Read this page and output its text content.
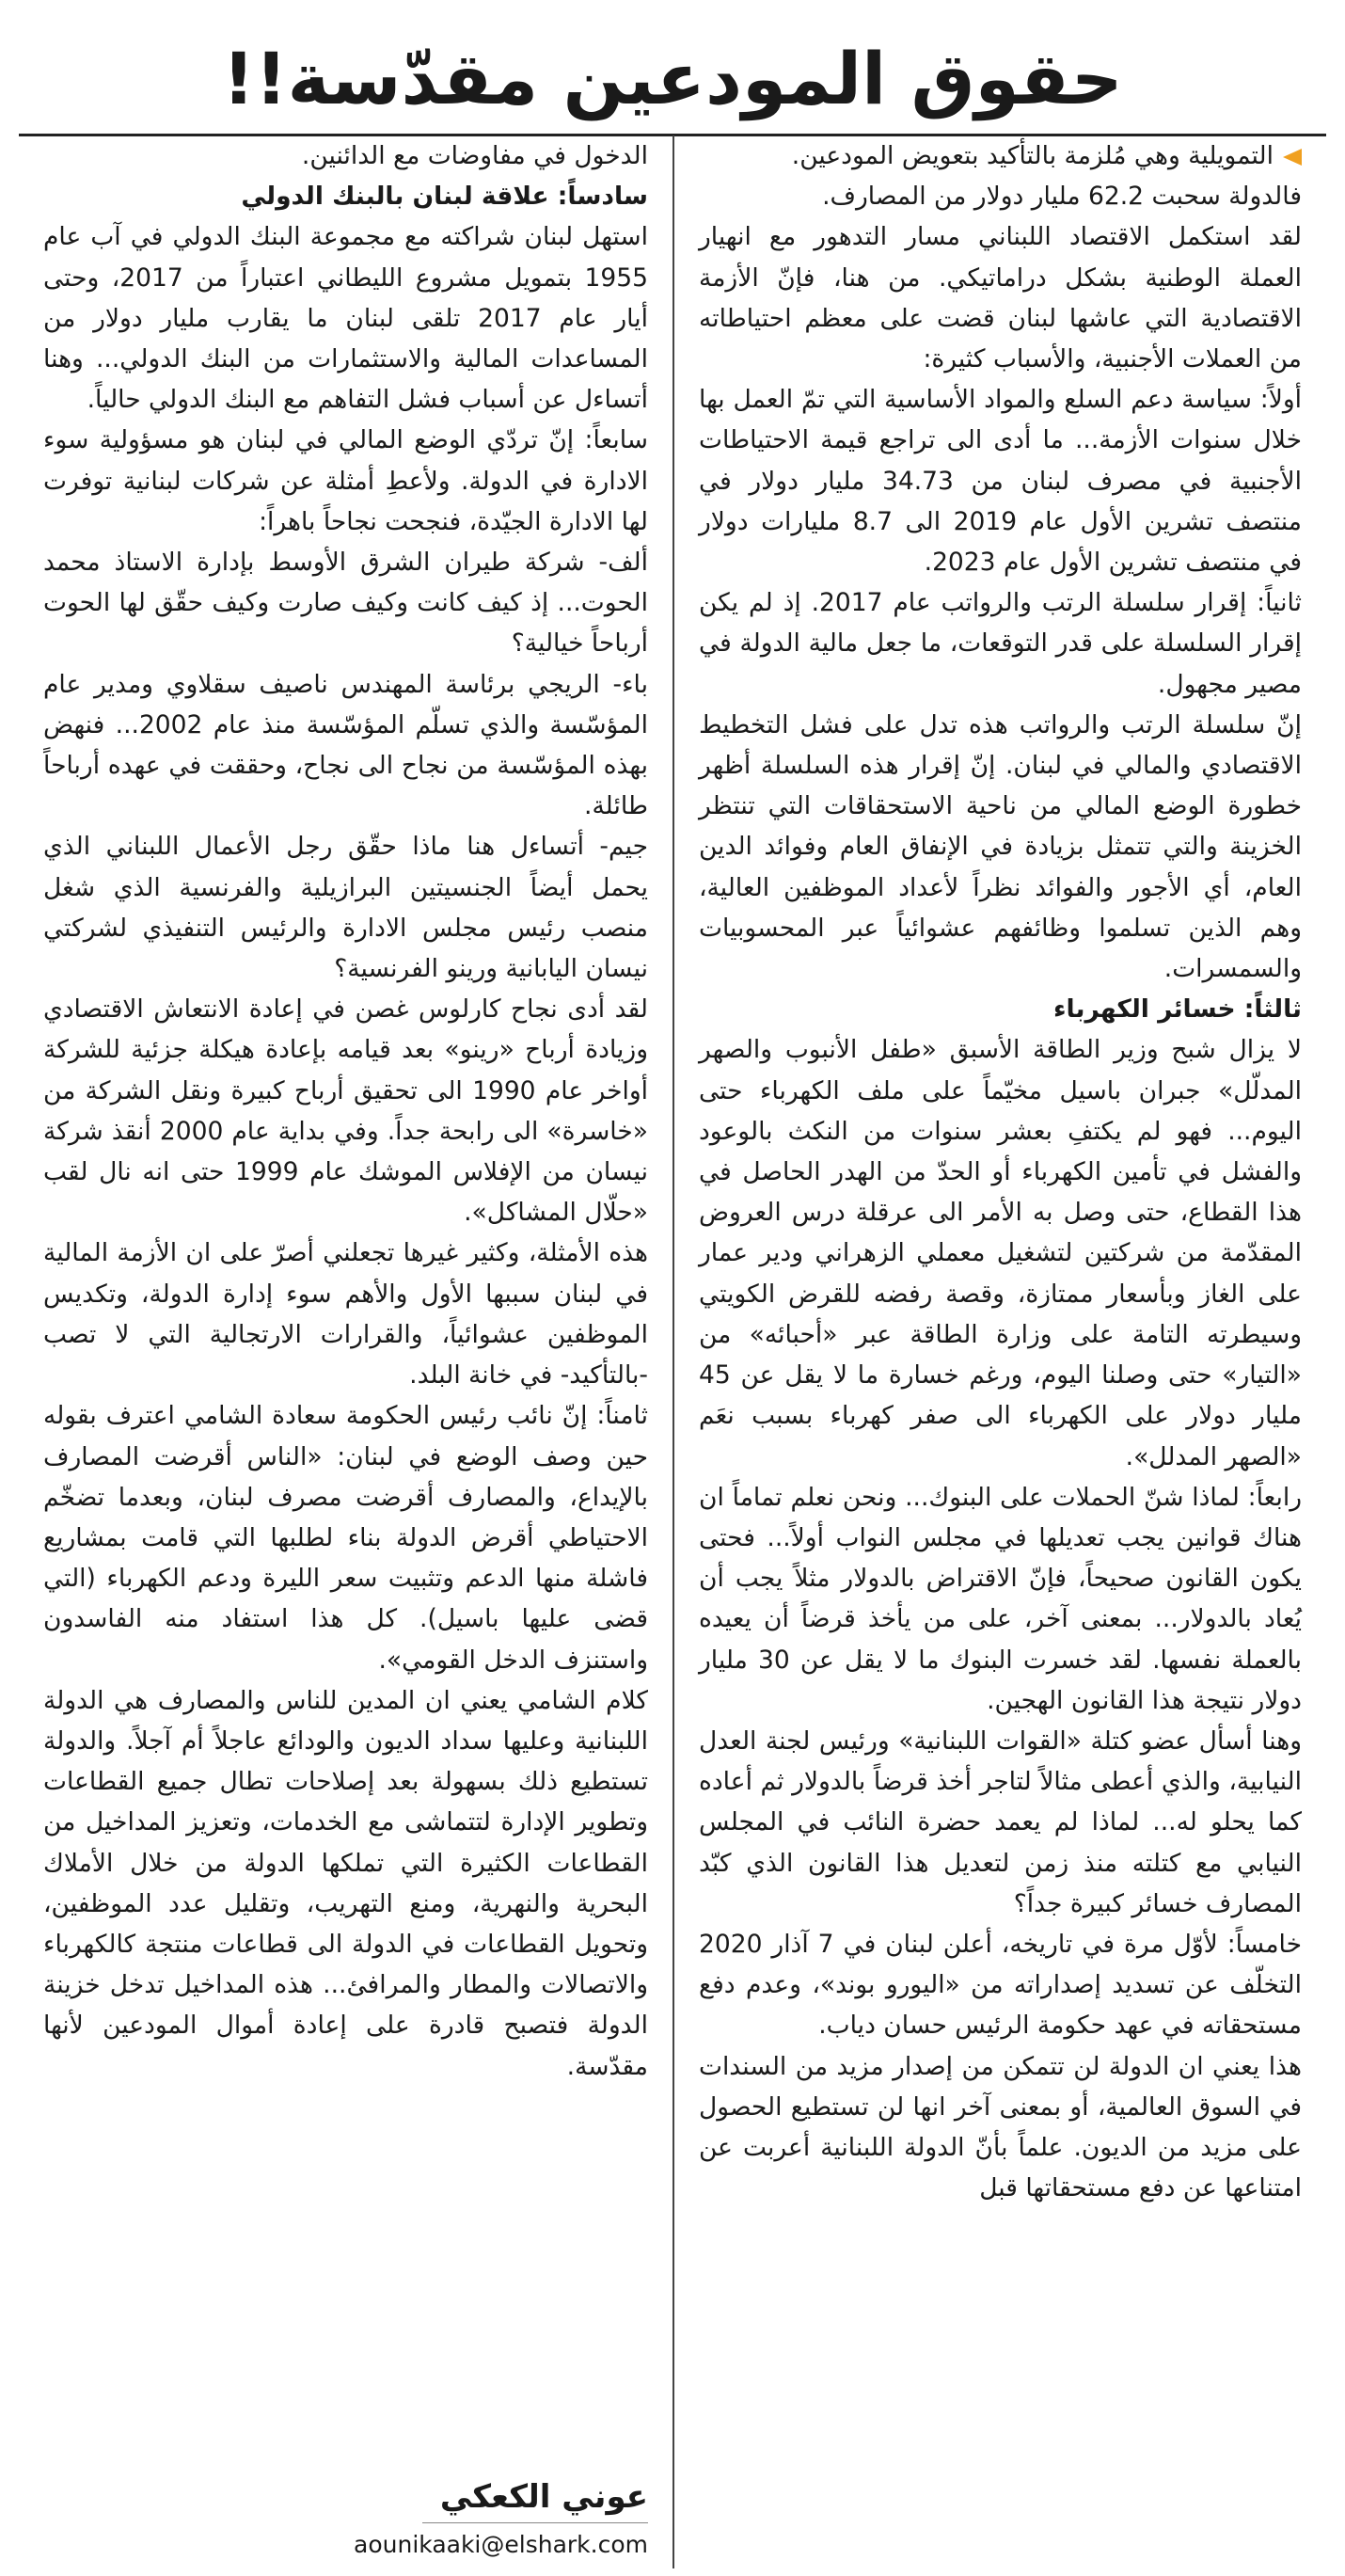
حقوق المودعين مقدّسة!!

التمويلية وهي مُلزمة بالتأكيد بتعويض المودعين.

فالدولة سحبت 62.2 مليار دولار من المصارف.

لقد استكمل الاقتصاد اللبناني مسار التدهور مع انهيار العملة الوطنية بشكل دراماتيكي. من هنا، فإنّ الأزمة الاقتصادية التي عاشها لبنان قضت على معظم احتياطاته من العملات الأجنبية، والأسباب كثيرة:

أولاً: سياسة دعم السلع والمواد الأساسية التي تمّ العمل بها خلال سنوات الأزمة... ما أدى الى تراجع قيمة الاحتياطات الأجنبية في مصرف لبنان من 34.73 مليار دولار في منتصف تشرين الأول عام 2019 الى 8.7 مليارات دولار في منتصف تشرين الأول عام 2023.

ثانياً: إقرار سلسلة الرتب والرواتب عام 2017. إذ لم يكن إقرار السلسلة على قدر التوقعات، ما جعل مالية الدولة في مصير مجهول.

إنّ سلسلة الرتب والرواتب هذه تدل على فشل التخطيط الاقتصادي والمالي في لبنان. إنّ إقرار هذه السلسلة أظهر خطورة الوضع المالي من ناحية الاستحقاقات التي تنتظر الخزينة والتي تتمثل بزيادة في الإنفاق العام وفوائد الدين العام، أي الأجور والفوائد نظراً لأعداد الموظفين العالية، وهم الذين تسلموا وظائفهم عشوائياً عبر المحسوبيات والسمسرات.

ثالثاً: خسائر الكهرباء

لا يزال شبح وزير الطاقة الأسبق «طفل الأنبوب والصهر المدلّل» جبران باسيل مخيّماً على ملف الكهرباء حتى اليوم... فهو لم يكتفِ بعشر سنوات من النكث بالوعود والفشل في تأمين الكهرباء أو الحدّ من الهدر الحاصل في هذا القطاع، حتى وصل به الأمر الى عرقلة درس العروض المقدّمة من شركتين لتشغيل معملي الزهراني ودير عمار على الغاز وبأسعار ممتازة، وقصة رفضه للقرض الكويتي وسيطرته التامة على وزارة الطاقة عبر «أحبائه» من «التيار» حتى وصلنا اليوم، ورغم خسارة ما لا يقل عن 45 مليار دولار على الكهرباء الى صفر كهرباء بسبب نعَم «الصهر المدلل».

رابعاً: لماذا شنّ الحملات على البنوك... ونحن نعلم تماماً ان هناك قوانين يجب تعديلها في مجلس النواب أولاً... فحتى يكون القانون صحيحاً، فإنّ الاقتراض بالدولار مثلاً يجب أن يُعاد بالدولار... بمعنى آخر، على من يأخذ قرضاً أن يعيده بالعملة نفسها. لقد خسرت البنوك ما لا يقل عن 30 مليار دولار نتيجة هذا القانون الهجين.

وهنا أسأل عضو كتلة «القوات اللبنانية» ورئيس لجنة العدل النيابية، والذي أعطى مثالاً لتاجر أخذ قرضاً بالدولار ثم أعاده كما يحلو له... لماذا لم يعمد حضرة النائب في المجلس النيابي مع كتلته منذ زمن لتعديل هذا القانون الذي كبّد المصارف خسائر كبيرة جداً؟

خامساً: لأوّل مرة في تاريخه، أعلن لبنان في 7 آذار 2020 التخلّف عن تسديد إصداراته من «اليورو بوند»، وعدم دفع مستحقاته في عهد حكومة الرئيس حسان دياب.

هذا يعني ان الدولة لن تتمكن من إصدار مزيد من السندات في السوق العالمية، أو بمعنى آخر انها لن تستطيع الحصول على مزيد من الديون. علماً بأنّ الدولة اللبنانية أعربت عن امتناعها عن دفع مستحقاتها قبل

الدخول في مفاوضات مع الدائنين.

سادساً: علاقة لبنان بالبنك الدولي

استهل لبنان شراكته مع مجموعة البنك الدولي في آب عام 1955 بتمويل مشروع الليطاني اعتباراً من 2017، وحتى أيار عام 2017 تلقى لبنان ما يقارب مليار دولار من المساعدات المالية والاستثمارات من البنك الدولي... وهنا أتساءل عن أسباب فشل التفاهم مع البنك الدولي حالياً.

سابعاً: إنّ تردّي الوضع المالي في لبنان هو مسؤولية سوء الادارة في الدولة. ولأعطِ أمثلة عن شركات لبنانية توفرت لها الادارة الجيّدة، فنجحت نجاحاً باهراً:

ألف- شركة طيران الشرق الأوسط بإدارة الاستاذ محمد الحوت... إذ كيف كانت وكيف صارت وكيف حقّق لها الحوت أرباحاً خيالية؟

باء- الريجي برئاسة المهندس ناصيف سقلاوي ومدير عام المؤسّسة والذي تسلّم المؤسّسة منذ عام 2002... فنهض بهذه المؤسّسة من نجاح الى نجاح، وحققت في عهده أرباحاً طائلة.

جيم- أتساءل هنا ماذا حقّق رجل الأعمال اللبناني الذي يحمل أيضاً الجنسيتين البرازيلية والفرنسية الذي شغل منصب رئيس مجلس الادارة والرئيس التنفيذي لشركتي نيسان اليابانية ورينو الفرنسية؟

لقد أدى نجاح كارلوس غصن في إعادة الانتعاش الاقتصادي وزيادة أرباح «رينو» بعد قيامه بإعادة هيكلة جزئية للشركة أواخر عام 1990 الى تحقيق أرباح كبيرة ونقل الشركة من «خاسرة» الى رابحة جداً. وفي بداية عام 2000 أنقذ شركة نيسان من الإفلاس الموشك عام 1999 حتى انه نال لقب «حلّال المشاكل».

هذه الأمثلة، وكثير غيرها تجعلني أصرّ على ان الأزمة المالية في لبنان سببها الأول والأهم سوء إدارة الدولة، وتكديس الموظفين عشوائياً، والقرارات الارتجالية التي لا تصب -بالتأكيد- في خانة البلد.

ثامناً: إنّ نائب رئيس الحكومة سعادة الشامي اعترف بقوله حين وصف الوضع في لبنان: «الناس أقرضت المصارف بالإيداع، والمصارف أقرضت مصرف لبنان، وبعدما تضخّم الاحتياطي أقرض الدولة بناء لطلبها التي قامت بمشاريع فاشلة منها الدعم وتثبيت سعر الليرة ودعم الكهرباء (التي قضى عليها باسيل). كل هذا استفاد منه الفاسدون واستنزف الدخل القومي».

كلام الشامي يعني ان المدين للناس والمصارف هي الدولة اللبنانية وعليها سداد الديون والودائع عاجلاً أم آجلاً. والدولة تستطيع ذلك بسهولة بعد إصلاحات تطال جميع القطاعات وتطوير الإدارة لتتماشى مع الخدمات، وتعزيز المداخيل من القطاعات الكثيرة التي تملكها الدولة من خلال الأملاك البحرية والنهرية، ومنع التهريب، وتقليل عدد الموظفين، وتحويل القطاعات في الدولة الى قطاعات منتجة كالكهرباء والاتصالات والمطار والمرافئ... هذه المداخيل تدخل خزينة الدولة فتصبح قادرة على إعادة أموال المودعين لأنها مقدّسة.

عوني الكعكي

aounikaaki@elshark.com
